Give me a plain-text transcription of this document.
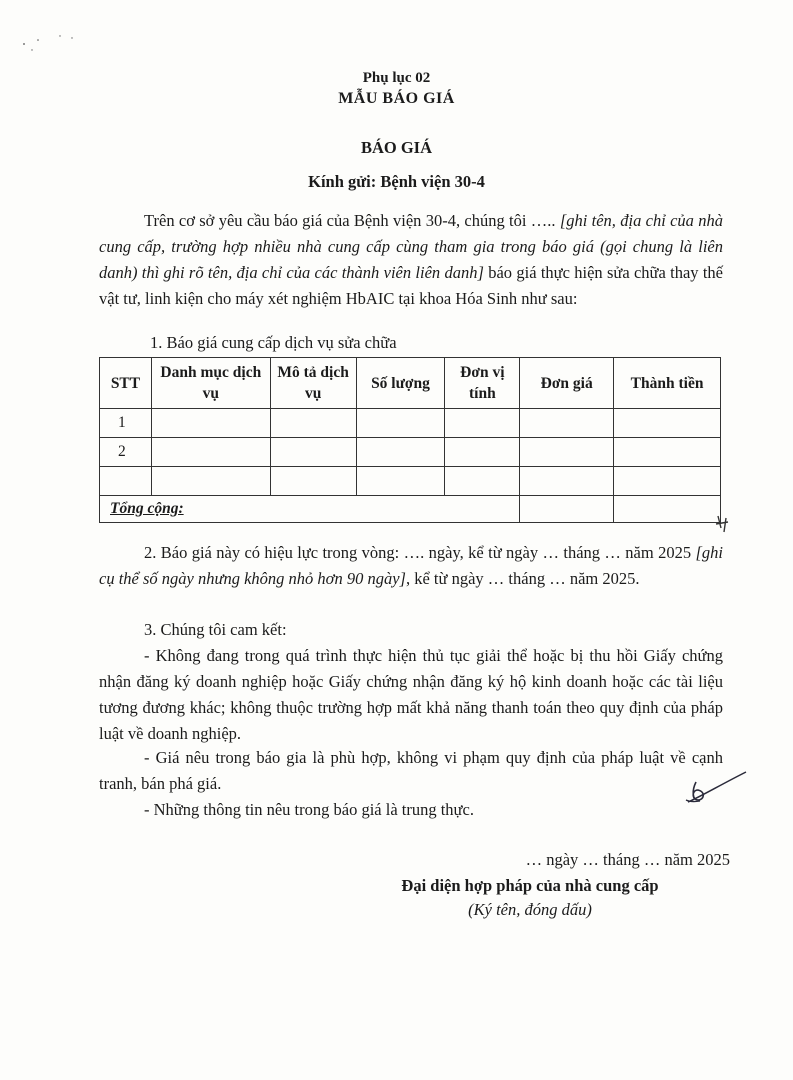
Phụ lục 02
MẪU BÁO GIÁ
BÁO GIÁ
Kính gửi: Bệnh viện 30-4
Trên cơ sở yêu cầu báo giá của Bệnh viện 30-4, chúng tôi ….. [ghi tên, địa chỉ của nhà cung cấp, trường hợp nhiều nhà cung cấp cùng tham gia trong báo giá (gọi chung là liên danh) thì ghi rõ tên, địa chỉ của các thành viên liên danh] báo giá thực hiện sửa chữa thay thế vật tư, linh kiện cho máy xét nghiệm HbAIC tại khoa Hóa Sinh như sau:
1. Báo giá cung cấp dịch vụ sửa chữa
STT	Danh mục dịch vụ	Mô tả dịch vụ	Số lượng	Đơn vị tính	Đơn giá	Thành tiền
1						
2						

Tổng cộng:						
2. Báo giá này có hiệu lực trong vòng: …. ngày, kể từ ngày … tháng … năm 2025 [ghi cụ thể số ngày nhưng không nhỏ hơn 90 ngày], kể từ ngày … tháng … năm 2025.
3. Chúng tôi cam kết:
- Không đang trong quá trình thực hiện thủ tục giải thể hoặc bị thu hồi Giấy chứng nhận đăng ký doanh nghiệp hoặc Giấy chứng nhận đăng ký hộ kinh doanh hoặc các tài liệu tương đương khác; không thuộc trường hợp mất khả năng thanh toán theo quy định của pháp luật về doanh nghiệp.
- Giá nêu trong báo gia là phù hợp, không vi phạm quy định của pháp luật về cạnh tranh, bán phá giá.
- Những thông tin nêu trong báo giá là trung thực.
… ngày … tháng … năm 2025
Đại diện hợp pháp của nhà cung cấp
(Ký tên, đóng dấu)
